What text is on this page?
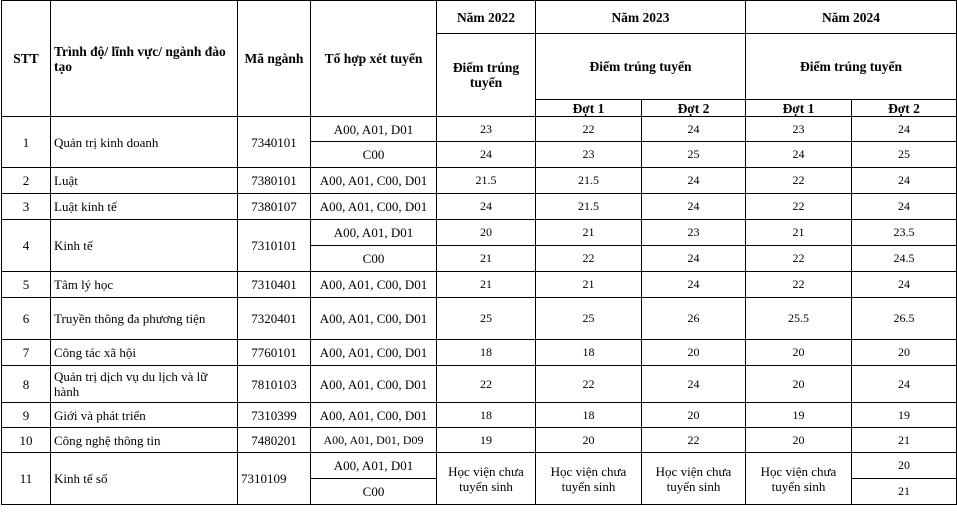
STT	Trình độ/ lĩnh vực/ ngành đào tạo	Mã ngành	Tổ hợp xét tuyển	Năm 2022	Năm 2023		Năm 2024	
				Điểm trúng tuyển	Điểm trúng tuyển		Điểm trúng tuyển	
					Đợt 1	Đợt 2	Đợt 1	Đợt 2
1	Quản trị kinh doanh	7340101	A00, A01, D01	23	22	24	23	24
			C00	24	23	25	24	25
2	Luật	7380101	A00, A01, C00, D01	21.5	21.5	24	22	24
3	Luật kinh tế	7380107	A00, A01, C00, D01	24	21.5	24	22	24
4	Kinh tế	7310101	A00, A01, D01	20	21	23	21	23.5
			C00	21	22	24	22	24.5
5	Tâm lý học	7310401	A00, A01, C00, D01	21	21	24	22	24
6	Truyền thông đa phương tiện	7320401	A00, A01, C00, D01	25	25	26	25.5	26.5
7	Công tác xã hội	7760101	A00, A01, C00, D01	18	18	20	20	20
8	Quản trị dịch vụ du lịch và lữ hành	7810103	A00, A01, C00, D01	22	22	24	20	24
9	Giới và phát triển	7310399	A00, A01, C00, D01	18	18	20	19	19
10	Công nghệ thông tin	7480201	A00, A01, D01, D09	19	20	22	20	21
11	Kinh tế số	7310109	A00, A01, D01	Học viện chưa tuyển sinh	Học viện chưa tuyển sinh	Học viện chưa tuyển sinh	Học viện chưa tuyển sinh	20
			C00					21
